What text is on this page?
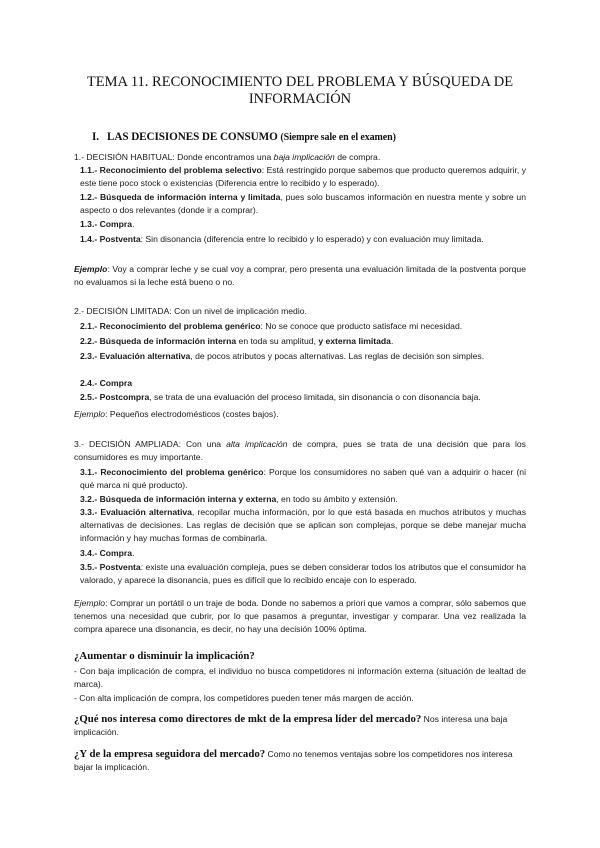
TEMA 11. RECONOCIMIENTO DEL PROBLEMA Y BÚSQUEDA DE
INFORMACIÓN
I. LAS DECISIONES DE CONSUMO (Siempre sale en el examen)
1.- DECISIÓN HABITUAL: Donde encontramos una baja implicación de compra.
1.1.- Reconocimiento del problema selectivo: Está restringido porque sabemos que producto queremos adquirir, y este tiene poco stock o existencias (Diferencia entre lo recibido y lo esperado).
1.2.- Búsqueda de información interna y limitada, pues solo buscamos información en nuestra mente y sobre un aspecto o dos relevantes (donde ir a comprar).
1.3.- Compra.
1.4.- Postventa: Sin disonancia (diferencia entre lo recibido y lo esperado) y con evaluación muy limitada.
Ejemplo: Voy a comprar leche y se cual voy a comprar, pero presenta una evaluación limitada de la postventa porque no evaluamos si la leche está bueno o no.
2.- DECISIÓN LIMITADA: Con un nivel de implicación medio.
2.1.- Reconocimiento del problema genérico: No se conoce que producto satisface mi necesidad.
2.2.- Búsqueda de información interna en toda su amplitud, y externa limitada.
2.3.- Evaluación alternativa, de pocos atributos y pocas alternativas. Las reglas de decisión son simples.
2.4.- Compra
2.5.- Postcompra, se trata de una evaluación del proceso limitada, sin disonancia o con disonancia baja.
Ejemplo: Pequeños electrodomésticos (costes bajos).
3.- DECISIÓN AMPLIADA: Con una alta implicación de compra, pues se trata de una decisión que para los consumidores es muy importante.
3.1.- Reconocimiento del problema genérico: Porque los consumidores no saben qué van a adquirir o hacer (ni qué marca ni qué producto).
3.2.- Búsqueda de información interna y externa, en todo su ámbito y extensión.
3.3.- Evaluación alternativa, recopilar mucha información, por lo que está basada en muchos atributos y muchas alternativas de decisiones. Las reglas de decisión que se aplican son complejas, porque se debe manejar mucha información y hay muchas formas de combinarla.
3.4.- Compra.
3.5.- Postventa: existe una evaluación compleja, pues se deben considerar todos los atributos que el consumidor ha valorado, y aparece la disonancia, pues es difícil que lo recibido encaje con lo esperado.
Ejemplo: Comprar un portátil o un traje de boda. Donde no sabemos a priori que vamos a comprar, sólo sabemos que tenemos una necesidad que cubrir, por lo que pasamos a preguntar, investigar y comparar. Una vez realizada la compra aparece una disonancia, es decir, no hay una decisión 100% óptima.
¿Aumentar o disminuir la implicación?
- Con baja implicación de compra, el individuo no busca competidores ni información externa (situación de lealtad de marca).
- Con alta implicación de compra, los competidores pueden tener más margen de acción.
¿Qué nos interesa como directores de mkt de la empresa líder del mercado? Nos interesa una baja implicación.
¿Y de la empresa seguidora del mercado? Como no tenemos ventajas sobre los competidores nos interesa bajar la implicación.
